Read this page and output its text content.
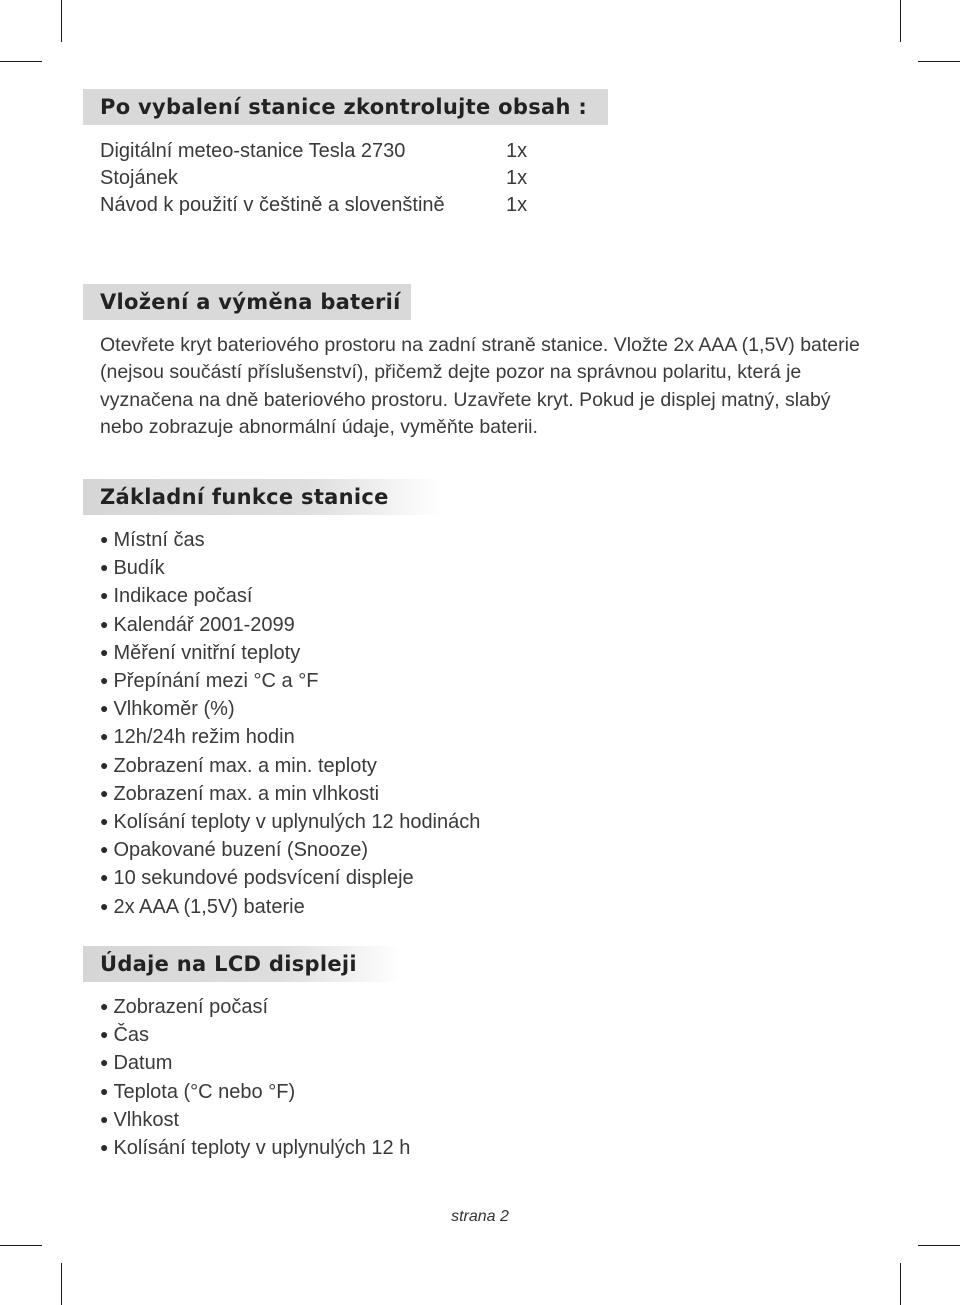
Po vybalení stanice zkontrolujte obsah :
Digitální meteo-stanice Tesla 2730	1x
Stojánek	1x
Návod k použití v češtině a slovenštině	1x
Vložení a výměna baterií
Otevřete kryt bateriového prostoru na zadní straně stanice. Vložte 2x AAA (1,5V) baterie (nejsou součástí příslušenství), přičemž dejte pozor na správnou polaritu, která je vyznačena na dně bateriového prostoru. Uzavřete kryt. Pokud je displej matný, slabý nebo zobrazuje abnormální údaje, vyměňte baterii.
Základní funkce stanice
● Místní čas
● Budík
● Indikace počasí
● Kalendář 2001-2099
● Měření vnitřní teploty
● Přepínání mezi °C a °F
● Vlhkoměr (%)
● 12h/24h režim hodin
● Zobrazení max. a min. teploty
● Zobrazení max. a min vlhkosti
● Kolísání teploty v uplynulých 12 hodinách
● Opakované buzení (Snooze)
● 10 sekundové podsvícení displeje
● 2x AAA (1,5V) baterie
Údaje na LCD displeji
● Zobrazení počasí
● Čas
● Datum
● Teplota (°C nebo °F)
● Vlhkost
● Kolísání teploty v uplynulých 12 h
strana 2
